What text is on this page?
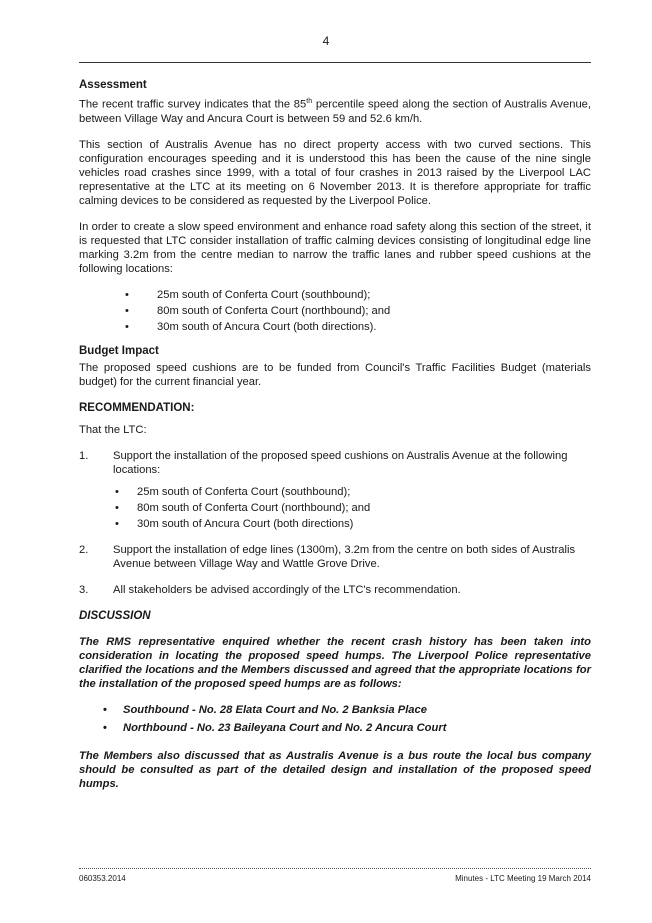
4
Assessment

The recent traffic survey indicates that the 85th percentile speed along the section of Australis Avenue, between Village Way and Ancura Court is between 59 and 52.6 km/h.

This section of Australis Avenue has no direct property access with two curved sections. This configuration encourages speeding and it is understood this has been the cause of the nine single vehicles road crashes since 1999, with a total of four crashes in 2013 raised by the Liverpool LAC representative at the LTC at its meeting on 6 November 2013. It is therefore appropriate for traffic calming devices to be considered as requested by the Liverpool Police.

In order to create a slow speed environment and enhance road safety along this section of the street, it is requested that LTC consider installation of traffic calming devices consisting of longitudinal edge line marking 3.2m from the centre median to narrow the traffic lanes and rubber speed cushions at the following locations:

•	25m south of Conferta Court (southbound);
•	80m south of Conferta Court (northbound); and
•	30m south of Ancura Court (both directions).
Budget Impact

The proposed speed cushions are to be funded from Council's Traffic Facilities Budget (materials budget) for the current financial year.

RECOMMENDATION:

That the LTC:

1. Support the installation of the proposed speed cushions on Australis Avenue at the following locations:
• 25m south of Conferta Court (southbound);
• 80m south of Conferta Court (northbound); and
• 30m south of Ancura Court (both directions)
2. Support the installation of edge lines (1300m), 3.2m from the centre on both sides of Australis Avenue between Village Way and Wattle Grove Drive.
3. All stakeholders be advised accordingly of the LTC's recommendation.
DISCUSSION

The RMS representative enquired whether the recent crash history has been taken into consideration in locating the proposed speed humps. The Liverpool Police representative clarified the locations and the Members discussed and agreed that the appropriate locations for the installation of the proposed speed humps are as follows:

• Southbound - No. 28 Elata Court and No. 2 Banksia Place
• Northbound - No. 23 Baileyana Court and No. 2 Ancura Court

The Members also discussed that as Australis Avenue is a bus route the local bus company should be consulted as part of the detailed design and installation of the proposed speed humps.

060353.2014	Minutes - LTC Meeting 19 March 2014
